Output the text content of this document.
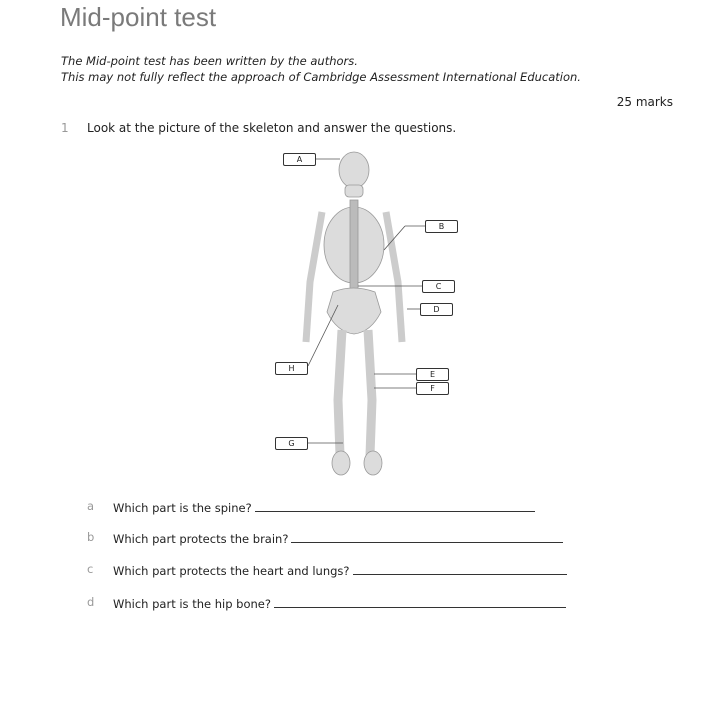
Mid-point test
The Mid-point test has been written by the authors.
This may not fully reflect the approach of Cambridge Assessment International Education.
25 marks
1 Look at the picture of the skeleton and answer the questions.
A
B
C
D
E
F
G
H
a Which part is the spine?
b Which part protects the brain?
c Which part protects the heart and lungs?
d Which part is the hip bone?
